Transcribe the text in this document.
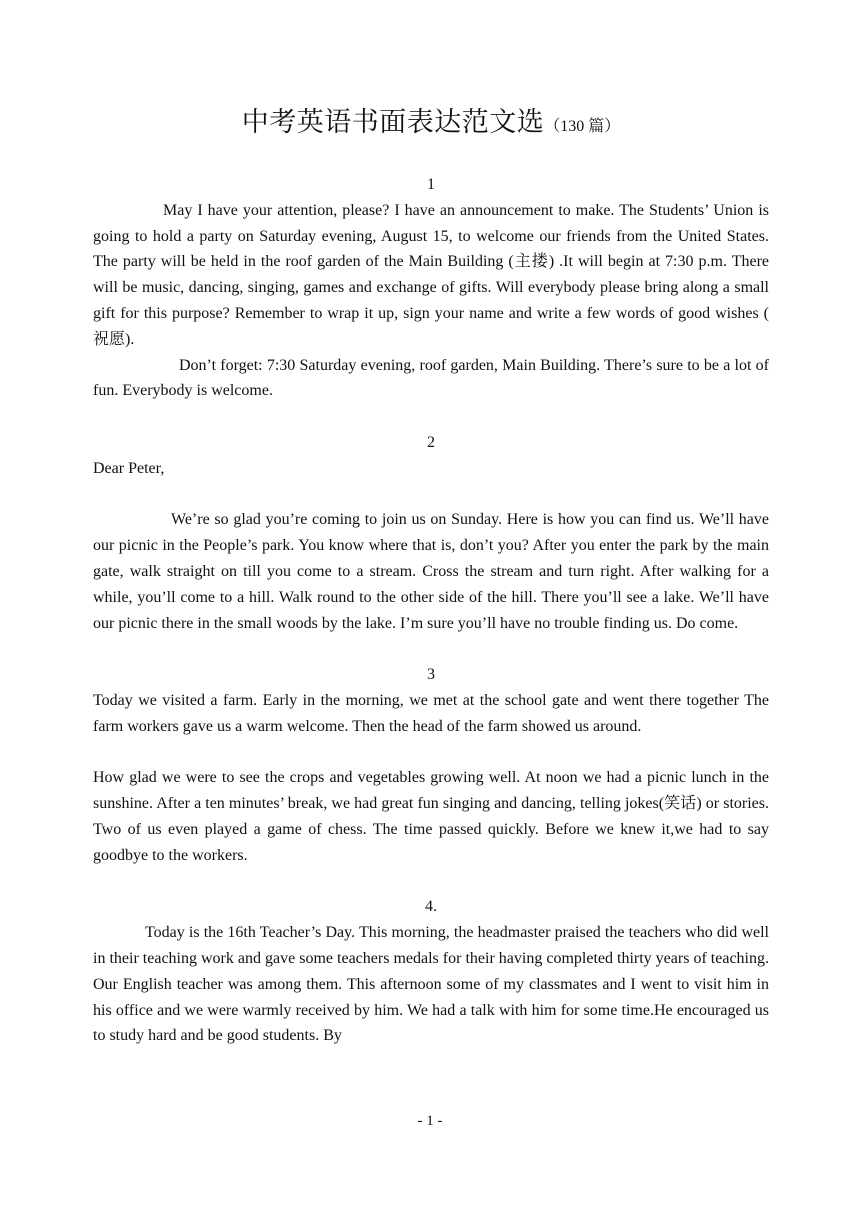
中考英语书面表达范文选（130 篇）
1

May I have your attention, please? I have an announcement to make. The Students’ Union is going to hold a party on Saturday evening, August 15, to welcome our friends from the United States. The party will be held in the roof garden of the Main Building (主搂) .It will begin at 7:30 p.m. There will be music, dancing, singing, games and exchange of gifts. Will everybody please bring along a small gift for this purpose? Remember to wrap it up, sign your name and write a few words of good wishes ( 祝愿).

Don’t forget: 7:30 Saturday evening, roof garden, Main Building. There’s sure to be a lot of fun. Everybody is welcome.

2

Dear Peter,

We’re so glad you’re coming to join us on Sunday. Here is how you can find us. We’ll have our picnic in the People’s park. You know where that is, don’t you? After you enter the park by the main gate, walk straight on till you come to a stream. Cross the stream and turn right. After walking for a while, you’ll come to a hill. Walk round to the other side of the hill. There you’ll see a lake. We’ll have our picnic there in the small woods by the lake. I’m sure you’ll have no trouble finding us. Do come.

3

Today we visited a farm. Early in the morning, we met at the school gate and went there together The farm workers gave us a warm welcome. Then the head of the farm showed us around.

How glad we were to see the crops and vegetables growing well. At noon we had a picnic lunch in the sunshine. After a ten minutes’ break, we had great fun singing and dancing, telling jokes(笑话) or stories. Two of us even played a game of chess. The time passed quickly. Before we knew it,we had to say goodbye to the workers.

4.

Today is the 16th Teacher’s Day. This morning, the headmaster praised the teachers who did well in their teaching work and gave some teachers medals for their having completed thirty years of teaching. Our English teacher was among them. This afternoon some of my classmates and I went to visit him in his office and we were warmly received by him. We had a talk with him for some time.He encouraged us to study hard and be good students. By

- 1 -
